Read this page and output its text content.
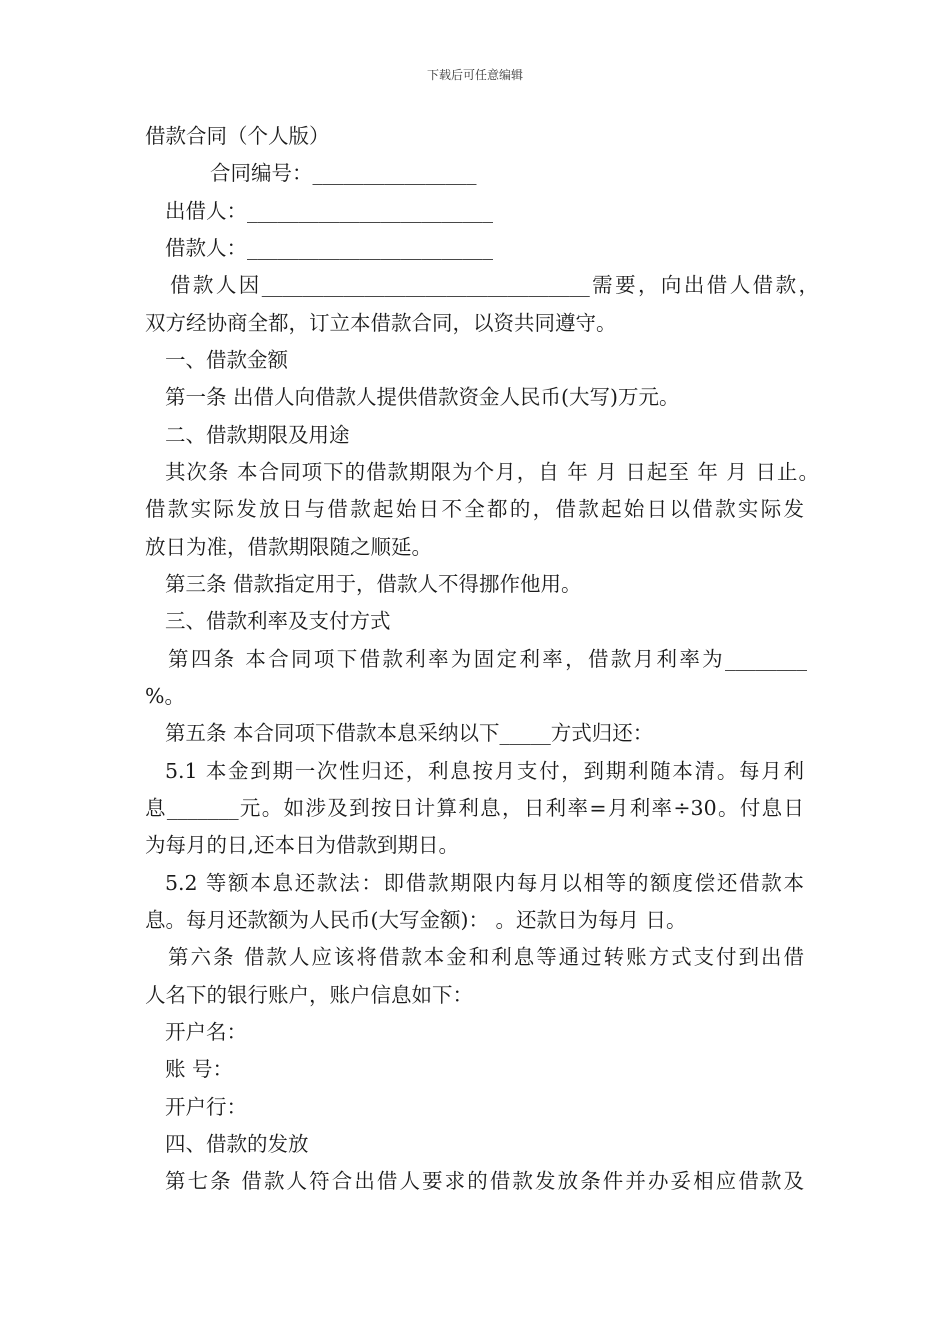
下载后可任意编辑
借款合同（个人版）
合同编号：________________
出借人：________________________
借款人：________________________
借款人因________________________________需要，向出借人借款，
双方经协商全都，订立本借款合同，以资共同遵守。
一、借款金额
第一条 出借人向借款人提供借款资金人民币(大写)万元。
二、借款期限及用途
其次条 本合同项下的借款期限为个月，自 年 月 日起至 年 月 日止。
借款实际发放日与借款起始日不全都的，借款起始日以借款实际发
放日为准，借款期限随之顺延。
第三条 借款指定用于，借款人不得挪作他用。
三、借款利率及支付方式
第四条 本合同项下借款利率为固定利率，借款月利率为________
%。
第五条 本合同项下借款本息采纳以下_____方式归还：
5.1 本金到期一次性归还，利息按月支付，到期利随本清。每月利
息_______元。如涉及到按日计算利息，日利率=月利率÷30。付息日
为每月的日,还本日为借款到期日。
5.2 等额本息还款法：即借款期限内每月以相等的额度偿还借款本
息。每月还款额为人民币(大写金额)： 。还款日为每月 日。
第六条 借款人应该将借款本金和利息等通过转账方式支付到出借
人名下的银行账户，账户信息如下：
开户名：
账 号：
开户行：
四、借款的发放
第七条 借款人符合出借人要求的借款发放条件并办妥相应借款及
